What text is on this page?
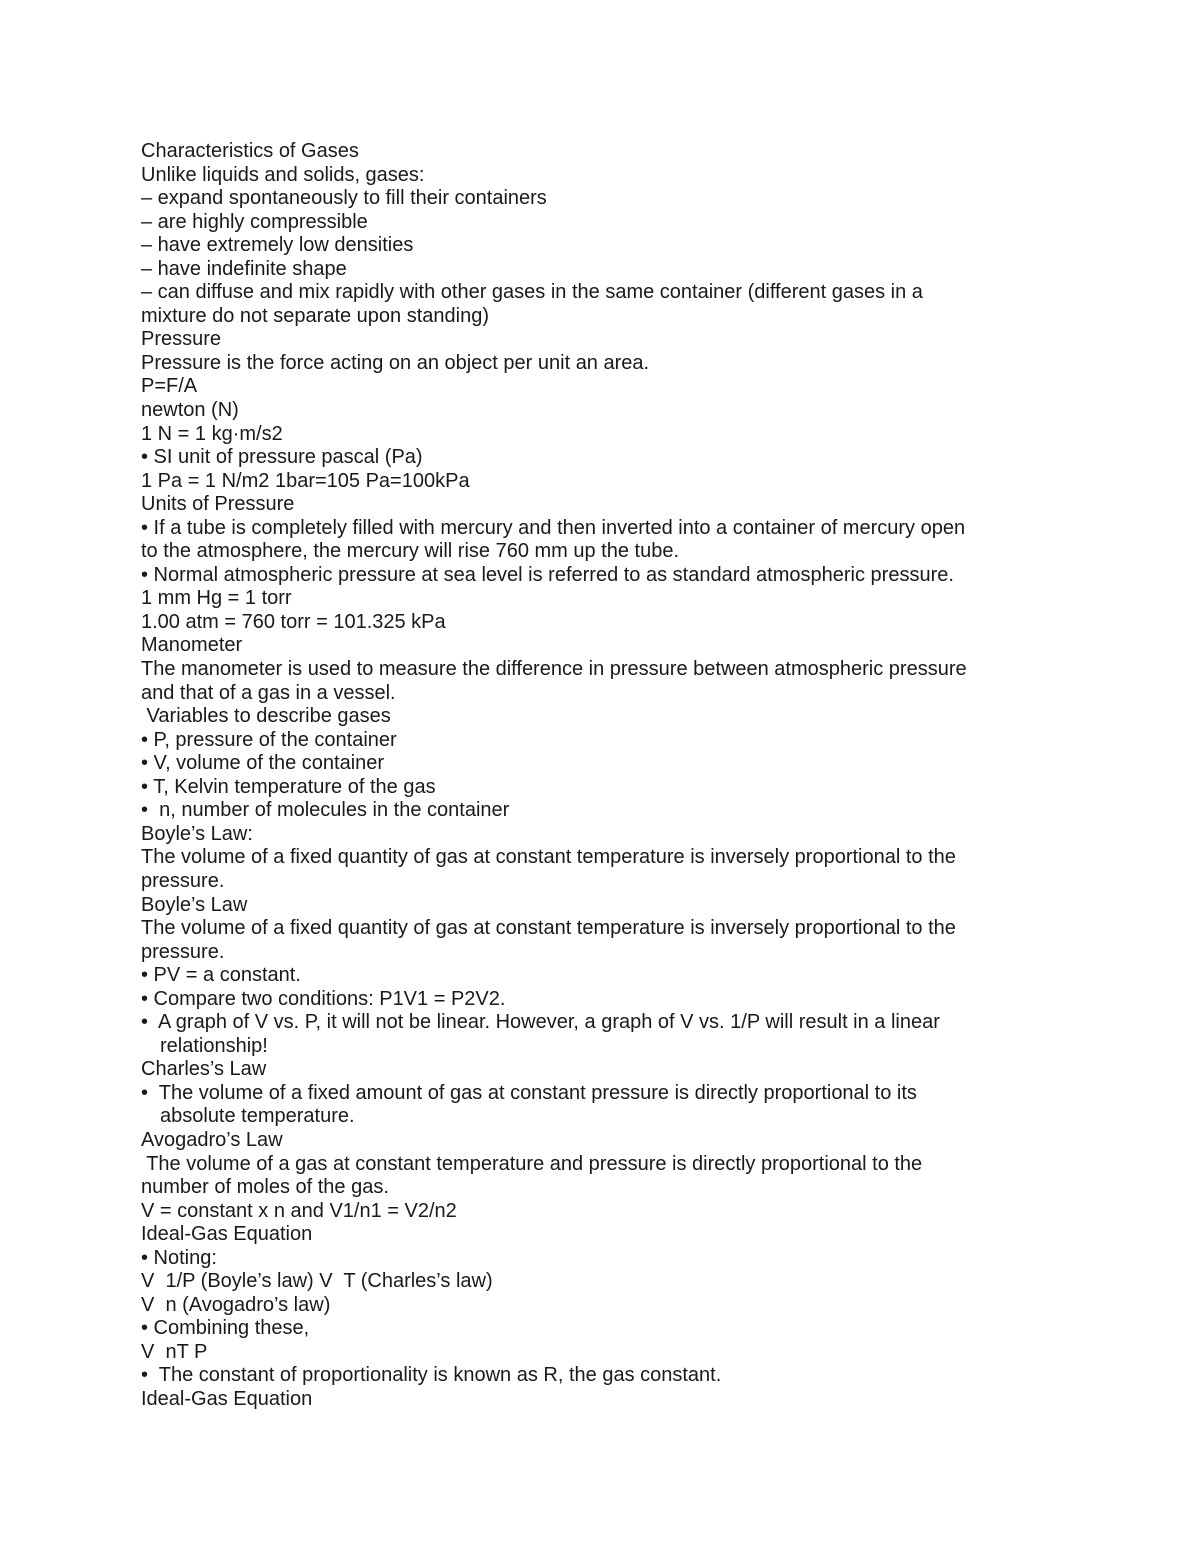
Characteristics of Gases
Unlike liquids and solids, gases:
– expand spontaneously to fill their containers
– are highly compressible
– have extremely low densities
– have indefinite shape
– can diffuse and mix rapidly with other gases in the same container (different gases in a
mixture do not separate upon standing)
Pressure
Pressure is the force acting on an object per unit an area.
P=F/A
newton (N)
1 N = 1 kg·m/s2
• SI unit of pressure pascal (Pa)
1 Pa = 1 N/m2 1bar=105 Pa=100kPa
Units of Pressure
• If a tube is completely filled with mercury and then inverted into a container of mercury open
to the atmosphere, the mercury will rise 760 mm up the tube.
• Normal atmospheric pressure at sea level is referred to as standard atmospheric pressure.
1 mm Hg = 1 torr
1.00 atm = 760 torr = 101.325 kPa
Manometer
The manometer is used to measure the difference in pressure between atmospheric pressure
and that of a gas in a vessel.
Variables to describe gases
• P, pressure of the container
• V, volume of the container
• T, Kelvin temperature of the gas
•  n, number of molecules in the container
Boyle’s Law:
The volume of a fixed quantity of gas at constant temperature is inversely proportional to the
pressure.
Boyle’s Law
The volume of a fixed quantity of gas at constant temperature is inversely proportional to the
pressure.
• PV = a constant.
• Compare two conditions: P1V1 = P2V2.
•  A graph of V vs. P, it will not be linear. However, a graph of V vs. 1/P will result in a linear
relationship!
Charles’s Law
•  The volume of a fixed amount of gas at constant pressure is directly proportional to its
absolute temperature.
Avogadro’s Law
The volume of a gas at constant temperature and pressure is directly proportional to the
number of moles of the gas.
V = constant x n and V1/n1 = V2/n2
Ideal-Gas Equation
• Noting:
V  1/P (Boyle’s law) V  T (Charles’s law)
V  n (Avogadro’s law)
• Combining these,
V  nT P
•  The constant of proportionality is known as R, the gas constant.
Ideal-Gas Equation
